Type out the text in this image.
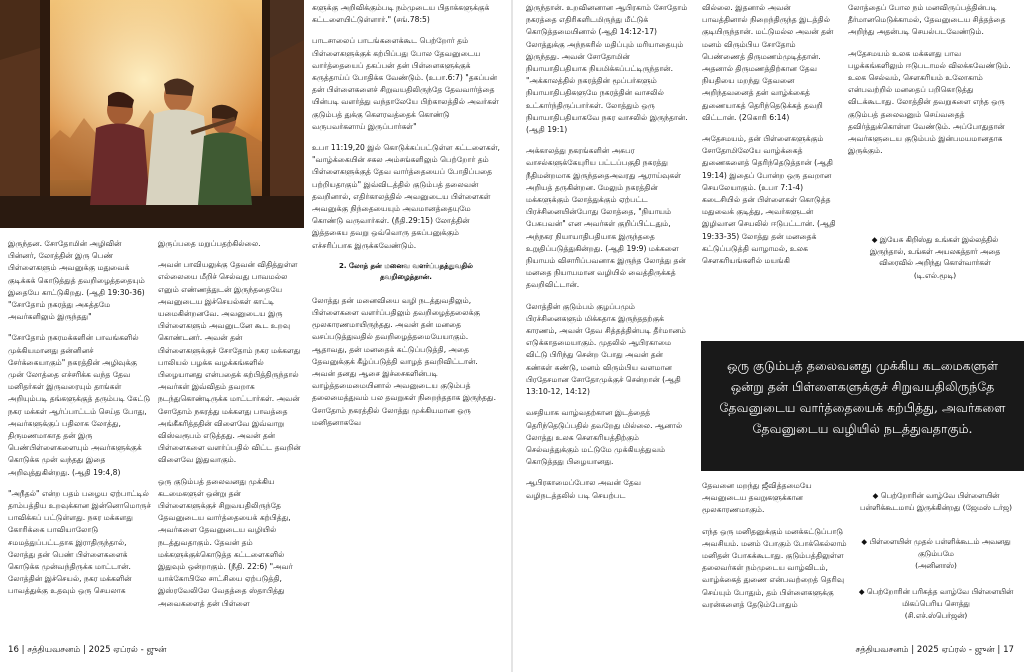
இருந்தன. சோதோமின் அழிவின் பின்னர், லோத்தின் இரு பெண் பிள்ளைகளும் அவனுக்கு மதுவைக் குடிக்கக் கொடுத்துத் தவறிழைத்ததையும் இதையே காட்டுகிறது. (ஆதி 19:30-36) "சோதோம் நகரத்து அசுத்தமே அவர்களிலும் இருந்தது"

"சோதோம் நகரமக்களின் பாவங்களில் முக்கியமானது தன்னினச் சேர்க்கையாகும்" நகரத்தின் அழிவுக்கு முன் லோத்தை எச்சரிக்க வந்த தேவ மனிதர்கள் இருவரையும் தாங்கள் அறியும்படி தங்களுக்குத் தரும்படி கேட்டு நகர மக்கள் ஆர்ப்பாட்டம் செய்த போது, அவர்களுக்குப் பதிலாக லோத்து, திருமணமாகாத தன் இரு பெண்பிள்ளைகளையும் அவர்களுக்குக் கொடுக்க முன் வந்தது இதை அறிவுத்துகின்றது. (ஆதி 19:4,8)

"அநீதல்" என்ற பதம் பழைய ஏற்பாட்டில் தாம்பத்திய உறவுக்கான இன்னொமொருச் பாவிக்கப் பட்டுள்ளது. நகர மக்களது கோரிக்கை பாவியாலோடு சமமத்துப்பட்டதாக இராதிருந்தால், லோத்து தன் பெண் பிள்ளைகளைக் கொடுக்க முன்வந்திருக்க மாட்டான். லோத்தின் இச்செயல், நகர மக்களின் பாவத்துக்கு உதவும் ஒரு செயலாக

இருப்பதை மறுப்பதற்கில்லை.

அவன் பாவியலுக்கு தேவன் விதித்துள்ள எல்லையை மீறிச் செல்வது பாவமல்ல எனும் எண்ணத்துடன் இருந்ததையே அவனுடைய இச்செயல்கள் காட்டி யமைகின்றனவே. அவனுடைய இரு பிள்ளைகளும் அவனுடனே கூட உறவு கொண்டனர். அவன் தன் பிள்ளைகளுக்குச் சோதோம் நகர மக்களது பாலியல் பழக்க வழக்கங்களில் பிழையானது என்பதைக் கற்பித்திருந்தால் அவர்கள் இவ்விதம் தவறாக நடந்துகொண்டிருக்க மாட்டார்கள். அவன் சோதோம் நகரத்து மக்களது பாவத்தை அங்கீகரித்ததின் விளைவே இவ்வாறு விஸ்வரூபம் எடுத்தது. அவன் தன் பிள்ளைகளை வளர்ப்பதில் விட்ட தவறின் விளைவே இதுவாகும்.

ஒரு குடும்பத் தலைவனது முக்கிய கடமைகளுள் ஒன்று தன் பிள்ளைகளுக்குச் சிறுவயதிலிருந்தே தேவனுடைய வார்த்தையைக் கற்பித்து, அவர்களை தேவனுடைய வழியில் நடத்துவதாகும். தேவன் தம் மக்களுக்குக்கொடுத்த கட்டளைகளில் இதுவும் ஒன்றாகும். (நீதி. 22:6) "அவர் யாக்கோபிலே சாட்சியை ஏற்படுத்தி, இஸ்ரவேலிலே வேதத்தை ஸ்தாபித்து அவைகளைத் தன் பிள்ளை

களுக்கு அறிவிக்கும்படி நம்முடைய பிதாக்களுக்குக் கட்டளையிட்டுள்ளார்." (சங்.78:5)

பாடசாலைப் பாடங்களைக்கூட பெற்றோர் தம் பிள்ளைகளுக்குக் கற்பிப்பது போல தேவனுடைய வார்த்தையைப் தகப்பன் தன் பிள்ளைகளுக்குக் கருத்தாய்ப் போதிக்க வேண்டும். (உபா.6:7) "தகப்பன் தன் பிள்ளைகளைச் சிறுவயதிலிருந்தே தேவவார்த்தை யின்படி வளர்த்து வந்தாலேயே பிற்காலத்தில் அவர்கள் குடும்பத் துக்கு கௌரவத்தைக் கொண்டு வருபவர்களாய் இருப்பார்கள்"

உபா 11:19,20 இல் கொடுக்கப்பட்டுள்ள கட்டளைகள், "வாழ்க்கையின் சகல அம்சங்களிலும் பெற்றோர் தம் பிள்ளைகளுக்குத் தேவ வார்த்தையைப் போதிப்பதை பற்றியதாகும்" இவ்விடத்தில் குடும்பத் தலைவன் தவறினால், எதிர்காலத்தில் அவனுடைய பிள்ளைகள் அவனுக்கு நிந்தையையும் அவமானத்தையுமே கொண்டு வருவார்கள். (நீதி.29:15) லோத்தின் இத்தகைய தவறு ஒவ்வொரு தகப்பனுக்கும் எச்சரிப்பாக இருக்கவேண்டும்.

2. லோத் தன் மனைவ வளர்ப்பதத்துவதில் தவறிழைத்தான்.

லோத்து தன் மனைவியை வழி நடத்துவதிலும், பிள்ளைகளை வளர்ப்பதிலும் தவறிழைத்தலைக்கு மூலகாரணமாயிருந்தது. அவன் தன் மனதை வசப்படுத்துவதில் தவறிழைத்தமையேயாகும். ஆதாவது, தன் மனதைக் கட்டுப்படுத்தி, அதை தேவனுக்குக் கீழ்ப்படுத்தி வாழத் தவறிவிட்டான். அவன் தனது ஆசை இச்சைகளின்படி வாழ்த்தமைமையினால் அவனுடைய குடும்பத் தலைமைத்துவம் பல தவறுகள் நிறைந்ததாக இருந்தது. சோதோம் நகரத்தில் லோத்து முக்கியமான ஒரு மனிதனாகவே

16 | சத்தியவசனம் | 2025 ஏப்ரல் - ஜுன்

இருந்தான். உறவினனான ஆபிரகாம் சோதோம் நகரத்தை எதிரிகளிடமிருந்து மீட்டுக் கொடுத்தமையினால் (ஆதி 14:12-17) லோத்துக்கு அந்நகரில் மதிப்பும் மரியாதையும் இருந்தது. அவன் சோதோமின் நியாயாதிபதியாக நியமிக்கப்பட்டிருந்தான். "அக்காலத்தில் நகரத்தின் மூப்பர்களும் நியாயாதிபதிகளுமே நகரத்தின் வாசலில் உட்கார்ந்திருப்பார்கள். லோத்தும் ஒரு நியாயாதிபதியாகவே நகர வாசலில் இருந்தான். (ஆதி 19:1)

அக்காலத்து நகரங்களின் அசுபர வாசல்களுக்கேயுரிய பட்டப்பகுதி நகரத்து நீதிமன்றமாக இருந்ததைஅவரது ஆராய்வுகள் அறியத் தருகின்றன. மேலும் நகரத்தின் மக்களுக்கும் லோத்துக்கும் ஏற்பட்ட பிரச்சினையின்போது லோத்தை, "நியாயம் பேசுபவன்" என அவர்கள் குறிப்பிட்டதும், அந்நகர நியாயாதிபதியாக இருந்ததை உறுதிப்படுத்துகின்றது. (ஆதி 19:9) மக்களை நியாயம் விசாரிப்பவனாக இருந்த லோத்து தன் மனதை நியாயமான வழியில் வைத்திருக்கத் தவறிவிட்டான்.

லோத்தின் குடும்பம் குழப்பமும் பிரச்சினைகளும் மிக்கதாக இருந்ததற்குக் காரணம், அவன் தேவ சித்தத்தின்படி தீர்மானம் எடுக்காதமையாகும். முதலில் ஆபிரகாமை விட்டு பிரிந்து சென்ற போது அவன் தன் கண்கள் கண்டு, மனம் விரும்பிய வளமான பிரதேசமான சோதோமுக்குச் சென்றான் (ஆதி 13:10-12, 14:12)

வசதியாக வாழ்வதற்கான இடத்தைத் தெரிந்தெடுப்பதில் தவறேது மில்லை. ஆனால் லோத்து உலக சௌகரியத்திற்கும் செல்வத்துக்கும் மட்டுமே முக்கியத்துவம் கொடுத்தது பிழையானது.

ஆபிரகாமைப்போல அவன் தேவ வழிநடத்தலில் படி செயற்பட

வில்லை. இதனால் அவன் பாவத்தினால் நிறைந்திருந்த இடத்தில் குடியிருந்தான். மட்டுமல்ல அவன் தன் மனம் விரும்பிய சோதோம் பெண்ணைத் திருமணம்முடித்தான். அதனால் திருமணத்திற்கான தேவ நியதியை மறந்து தேவனை அறிந்தவனைத் தன் வாழ்க்கைத் துணையாகத் தெரிந்தெடுக்கத் தவறி விட்டான். (2கொரி 6:14)

அதேசமயம், தன் பிள்ளைகளுக்கும் சோதோமிலேயே வாழ்க்கைத் துணைகளைத் தெரிந்தெடுத்தான் (ஆதி 19:14) இதைப் போன்ற ஒரு தவறான செயலேயாகும். (உபா 7:1-4) கடைசியில் தன் பிள்ளைகள் கொடுத்த மதுவைக் குடித்து, அவர்களுடன் இழிவான செயலில் ஈடுபட்டான். (ஆதி 19:33-35) லோத்து தன் மனதைக் கட்டுப்படுத்தி வாழாமல், உலக சௌகரியங்களில் மயங்கி

லோத்தைப் போல நம் மனவிருப்பத்தின்படி தீர்மானமெடுக்காமல், தேவனுடைய சித்தத்தை அறிந்து அதன்படி செயல்படவேண்டும்.

அதேசமயம் உலக மக்களது பாவ பழக்கங்களிலும் ஈடுபடாமல் விலக்கவேண்டும். உலக செல்வம், சௌகரியம் உலோகாம் என்பவற்றில் மனதைப் பறிகொடுத்து விடக்கூடாது. லோத்தின் தவறுகளை எந்த ஒரு குடும்பத் தலைவனும் செய்வதைத் தவிர்த்துக்கொள்ள வேண்டும். அப்போதுதான் அவர்களுடைய குடும்பம் இன்பமயமானதாக இருக்கும்.

◆ இயேசு கிறிஸ்து உங்கள் இல்லத்தில் இருந்தால், உங்கள் அயலகத்தார் அதை விரைவில் அறிந்து கொள்வார்கள்
(டி.எல்.மூடி)
ஒரு குடும்பத் தலைவனது முக்கிய கடமைகளுள் ஒன்று தன் பிள்ளைகளுக்குச் சிறுவயதிலிருந்தே தேவனுடைய வார்த்தையைக் கற்பித்து, அவர்களை தேவனுடைய வழியில் நடத்துவதாகும்.

தேவனை மறந்து ஜீவித்தமையே அவனுடைய தவறுகளுக்கான மூலகாரணமாகும்.

எந்த ஒரு மனிதனுக்கும் மனக்கட்டுப்பாடு அவசியம். மனம் போகும் போக்கெல்லாம் மனிதன் போகக்கூடாது. குடும்பத்திலுள்ள தலைவர்கள் நம்முடைய வாழ்விடம், வாழ்க்கைத் துணை என்பவற்றைத் தெரிவு செய்யும் போதும், தம் பிள்ளைகளுக்கு வரன்களைத் தேடும்போதும்

◆ பெற்றோரின் வாழ்வே பிள்ளையின் பள்ளிக்கூடமாய் இருக்கின்றது (ஜேமஸ் டர்ஜ)
◆ பிள்ளையின் முதல் பள்ளிக்கூடம் அவனது குடும்பமே
(அனினாஸ்)
◆ பெற்றோரின் பரிசுத்த வாழ்வே பிள்ளையின் மிகப்பெரிய சொத்து
(சி.எச்.ஸ்பெர்ஜன்)
சத்தியவசனம் | 2025 ஏப்ரல் - ஜுன் | 17
